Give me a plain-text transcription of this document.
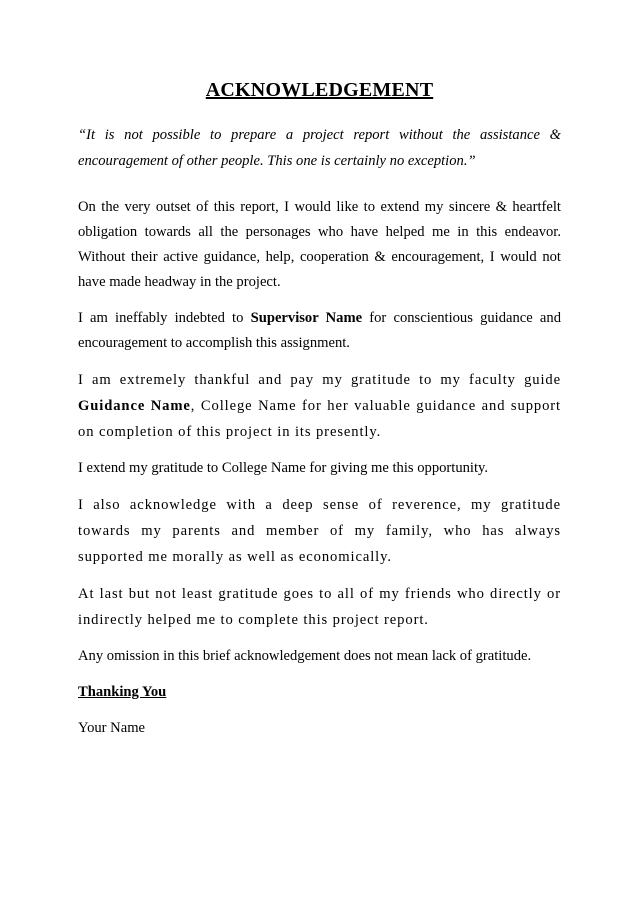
ACKNOWLEDGEMENT

“It is not possible to prepare a project report without the assistance & encouragement of other people. This one is certainly no exception.”

On the very outset of this report, I would like to extend my sincere & heartfelt obligation towards all the personages who have helped me in this endeavor. Without their active guidance, help, cooperation & encouragement, I would not have made headway in the project.

I am ineffably indebted to Supervisor Name for conscientious guidance and encouragement to accomplish this assignment.

I am extremely thankful and pay my gratitude to my faculty guide Guidance Name, College Name for her valuable guidance and support on completion of this project in its presently.

I extend my gratitude to College Name for giving me this opportunity.

I also acknowledge with a deep sense of reverence, my gratitude towards my parents and member of my family, who has always supported me morally as well as economically.

At last but not least gratitude goes to all of my friends who directly or indirectly helped me to complete this project report.

Any omission in this brief acknowledgement does not mean lack of gratitude.

Thanking You

Your Name
